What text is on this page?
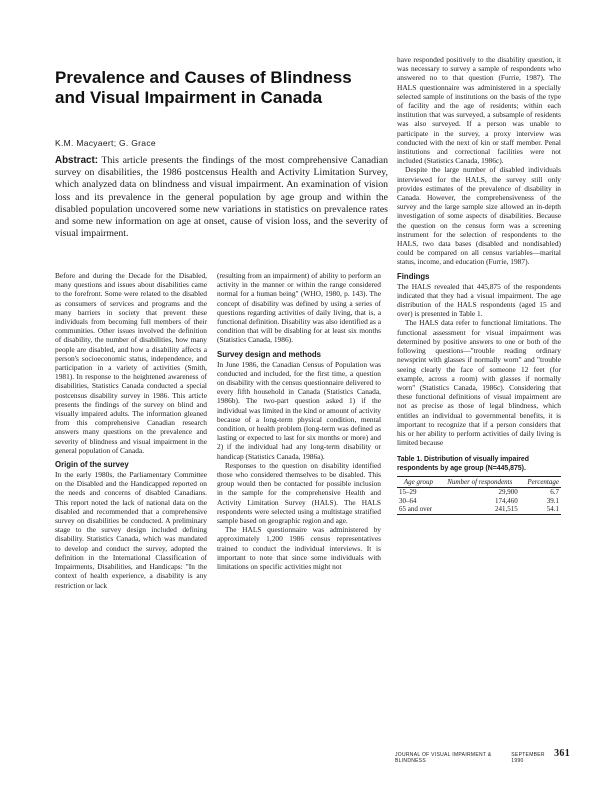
Prevalence and Causes of Blindness
and Visual Impairment in Canada
K.M. Macyaert; G. Grace
Abstract: This article presents the findings of the most comprehensive Canadian survey on disabilities, the 1986 postcensus Health and Activity Limitation Survey, which analyzed data on blindness and visual impairment. An examination of vision loss and its prevalence in the general population by age group and within the disabled population uncovered some new variations in statistics on prevalence rates and some new information on age at onset, cause of vision loss, and the severity of visual impairment.

Before and during the Decade for the Disabled, many questions and issues about disabilities came to the forefront. Some were related to the disabled as consumers of services and programs and the many barriers in society that prevent these individuals from becoming full members of their communities. Other issues involved the definition of disability, the number of disabilities, how many people are disabled, and how a disability affects a person's socioeconomic status, independence, and participation in a variety of activities (Smith, 1981). In response to the heightened awareness of disabilities, Statistics Canada conducted a special postcensus disability survey in 1986. This article presents the findings of the survey on blind and visually impaired adults. The information gleaned from this comprehensive Canadian research answers many questions on the prevalence and severity of blindness and visual impairment in the general population of Canada.

Origin of the survey

In the early 1980s, the Parliamentary Committee on the Disabled and the Handicapped reported on the needs and concerns of disabled Canadians. This report noted the lack of national data on the disabled and recommended that a comprehensive survey on disabilities be conducted. A preliminary stage to the survey design included defining disability. Statistics Canada, which was mandated to develop and conduct the survey, adopted the definition in the International Classification of Impairments, Disabilities, and Handicaps: "In the context of health experience, a disability is any restriction or lack

(resulting from an impairment) of ability to perform an activity in the manner or within the range considered normal for a human being" (WHO, 1980, p. 143). The concept of disability was defined by using a series of questions regarding activities of daily living, that is, a functional definition. Disability was also identified as a condition that will be disabling for at least six months (Statistics Canada, 1986).

Survey design and methods

In June 1986, the Canadian Census of Population was conducted and included, for the first time, a question on disability with the census questionnaire delivered to every fifth household in Canada (Statistics Canada, 1986b). The two-part question asked 1) if the individual was limited in the kind or amount of activity because of a long-term physical condition, mental condition, or health problem (long-term was defined as lasting or expected to last for six months or more) and 2) if the individual had any long-term disability or handicap (Statistics Canada, 1986a).

Responses to the question on disability identified those who considered themselves to be disabled. This group would then be contacted for possible inclusion in the sample for the comprehensive Health and Activity Limitation Survey (HALS). The HALS respondents were selected using a multistage stratified sample based on geographic region and age.

The HALS questionnaire was administered by approximately 1,200 1986 census representatives trained to conduct the individual interviews. It is important to note that since some individuals with limitations on specific activities might not

have responded positively to the disability question, it was necessary to survey a sample of respondents who answered no to that question (Furrie, 1987). The HALS questionnaire was administered in a specially selected sample of institutions on the basis of the type of facility and the age of residents; within each institution that was surveyed, a subsample of residents was also surveyed. If a person was unable to participate in the survey, a proxy interview was conducted with the next of kin or staff member. Penal institutions and correctional facilities were not included (Statistics Canada, 1986c).

Despite the large number of disabled individuals interviewed for the HALS, the survey still only provides estimates of the prevalence of disability in Canada. However, the comprehensiveness of the survey and the large sample size allowed an in-depth investigation of some aspects of disabilities. Because the question on the census form was a screening instrument for the selection of respondents to the HALS, two data bases (disabled and nondisabled) could be compared on all census variables—marital status, income, and education (Furrie, 1987).

Findings

The HALS revealed that 445,875 of the respondents indicated that they had a visual impairment. The age distribution of the HALS respondents (aged 15 and over) is presented in Table 1.

The HALS data refer to functional limitations. The functional assessment for visual impairment was determined by positive answers to one or both of the following questions—"trouble reading ordinary newsprint with glasses if normally worn" and "trouble seeing clearly the face of someone 12 feet (for example, across a room) with glasses if normally worn" (Statistics Canada, 1986c). Considering that these functional definitions of visual impairment are not as precise as those of legal blindness, which entitles an individual to governmental benefits, it is important to recognize that if a person considers that his or her ability to perform activities of daily living is limited because

Table 1. Distribution of visually impaired respondents by age group (N=445,875).
Age group	Number of respondents	Percentage
15–29	29,900	6.7
30–64	174,460	39.1
65 and over	241,515	54.1
JOURNAL OF VISUAL IMPAIRMENT & BLINDNESS
SEPTEMBER 1990
361
